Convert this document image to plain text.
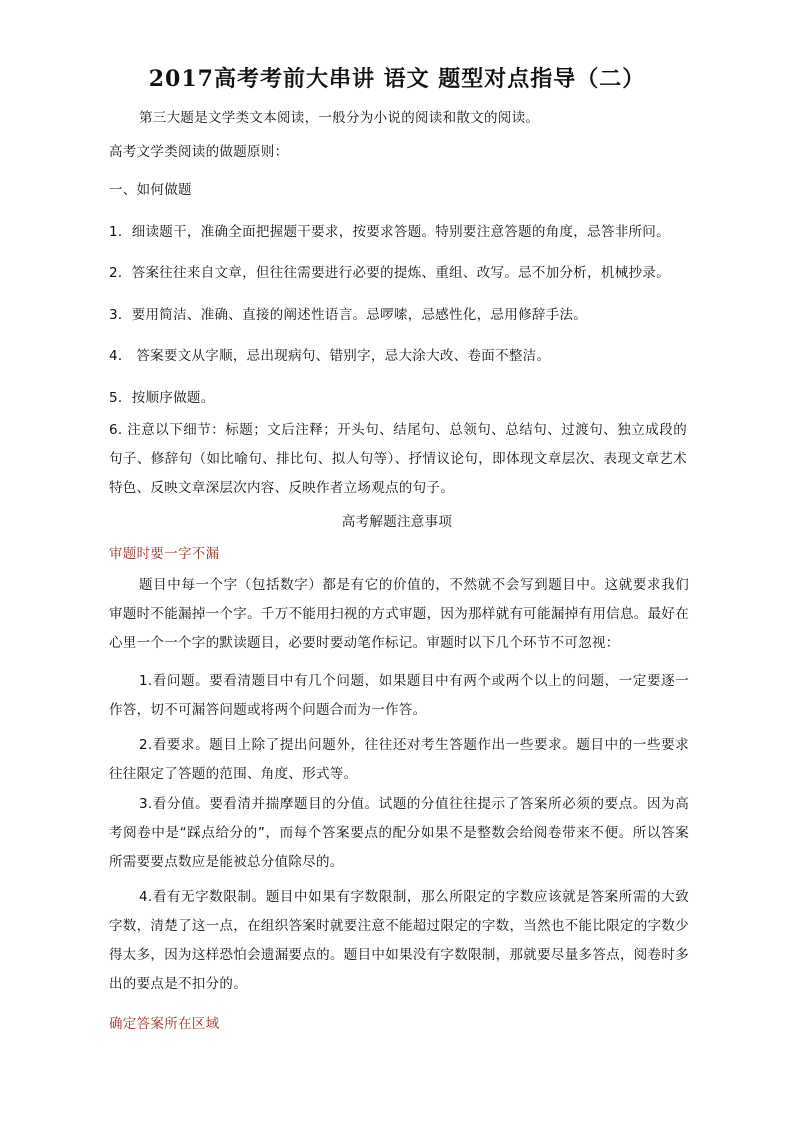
2017高考考前大串讲 语文 题型对点指导（二）
第三大题是文学类文本阅读，一般分为小说的阅读和散文的阅读。
高考文学类阅读的做题原则：
一、如何做题
1．细读题干，准确全面把握题干要求，按要求答题。特别要注意答题的角度，忌答非所问。
2．答案往往来自文章，但往往需要进行必要的提炼、重组、改写。忌不加分析，机械抄录。
3．要用简洁、准确、直接的阐述性语言。忌啰嗦，忌感性化，忌用修辞手法。
4． 答案要文从字顺，忌出现病句、错别字，忌大涂大改、卷面不整洁。
5．按顺序做题。
6. 注意以下细节：标题；文后注释；开头句、结尾句、总领句、总结句、过渡句、独立成段的句子、修辞句（如比喻句、排比句、拟人句等）、抒情议论句，即体现文章层次、表现文章艺术特色、反映文章深层次内容、反映作者立场观点的句子。
高考解题注意事项
审题时要一字不漏
题目中每一个字（包括数字）都是有它的价值的，不然就不会写到题目中。这就要求我们审题时不能漏掉一个字。千万不能用扫视的方式审题，因为那样就有可能漏掉有用信息。最好在心里一个一个字的默读题目，必要时要动笔作标记。审题时以下几个环节不可忽视：
1.看问题。要看清题目中有几个问题，如果题目中有两个或两个以上的问题，一定要逐一作答，切不可漏答问题或将两个问题合而为一作答。
2.看要求。题目上除了提出问题外，往往还对考生答题作出一些要求。题目中的一些要求往往限定了答题的范围、角度、形式等。
3.看分值。要看清并揣摩题目的分值。试题的分值往往提示了答案所必须的要点。因为高考阅卷中是“踩点给分的”，而每个答案要点的配分如果不是整数会给阅卷带来不便。所以答案所需要要点数应是能被总分值除尽的。
4.看有无字数限制。题目中如果有字数限制，那么所限定的字数应该就是答案所需的大致字数，清楚了这一点，在组织答案时就要注意不能超过限定的字数，当然也不能比限定的字数少得太多，因为这样恐怕会遗漏要点的。题目中如果没有字数限制，那就要尽量多答点，阅卷时多出的要点是不扣分的。
确定答案所在区域
